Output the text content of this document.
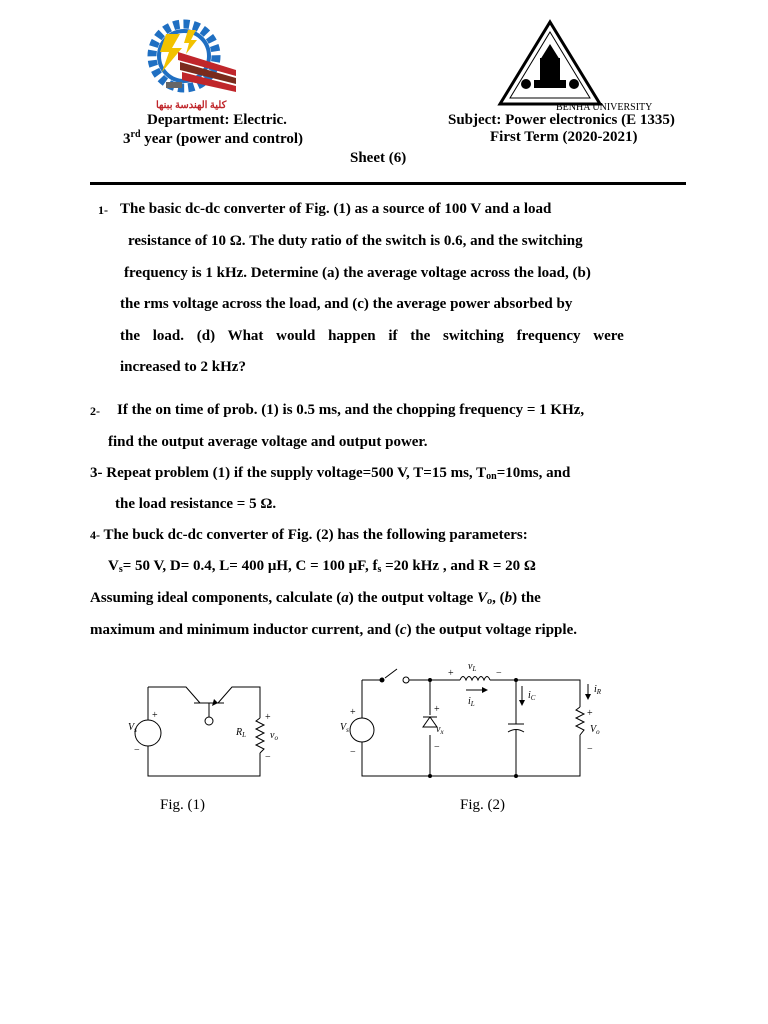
كلية الهندسة ببنها	BENHA UNIVERSITY
Department: Electric.
3rd year (power and control)
Subject: Power electronics (E 1335)
First Term (2020-2021)
Sheet (6)
1- The basic dc-dc converter of Fig. (1) as a source of 100 V and a load
resistance of 10 Ω. The duty ratio of the switch is 0.6, and the switching
frequency is 1 kHz. Determine (a) the average voltage across the load, (b)
the rms voltage across the load, and (c) the average power absorbed by
the load. (d) What would happen if the switching frequency were
increased to 2 kHz?
2- If the on time of prob. (1) is 0.5 ms, and the chopping frequency = 1 KHz,
find the output average voltage and output power.
3- Repeat problem (1) if the supply voltage=500 V, T=15 ms, $T_{on}=10ms$, and
the load resistance = 5 Ω.
4- The buck dc-dc converter of Fig. (2) has the following parameters:
$V_s= 50$ V, D= 0.4, L= 400 μH, C = 100 μF, $f_s =20$ kHz , and R = 20 Ω
Assuming ideal components, calculate (a) the output voltage $V_o$, (b) the
maximum and minimum inductor current, and (c) the output voltage ripple.
$V_s$
+
−
$R_L$ $v_o$
+
−
Fig. (1)
$V_s$
+
−
$v_L$
+	−
$i_L$
$i_C$
$i_R$
$v_x$
+
−
$V_o$
+
−
Fig. (2)
